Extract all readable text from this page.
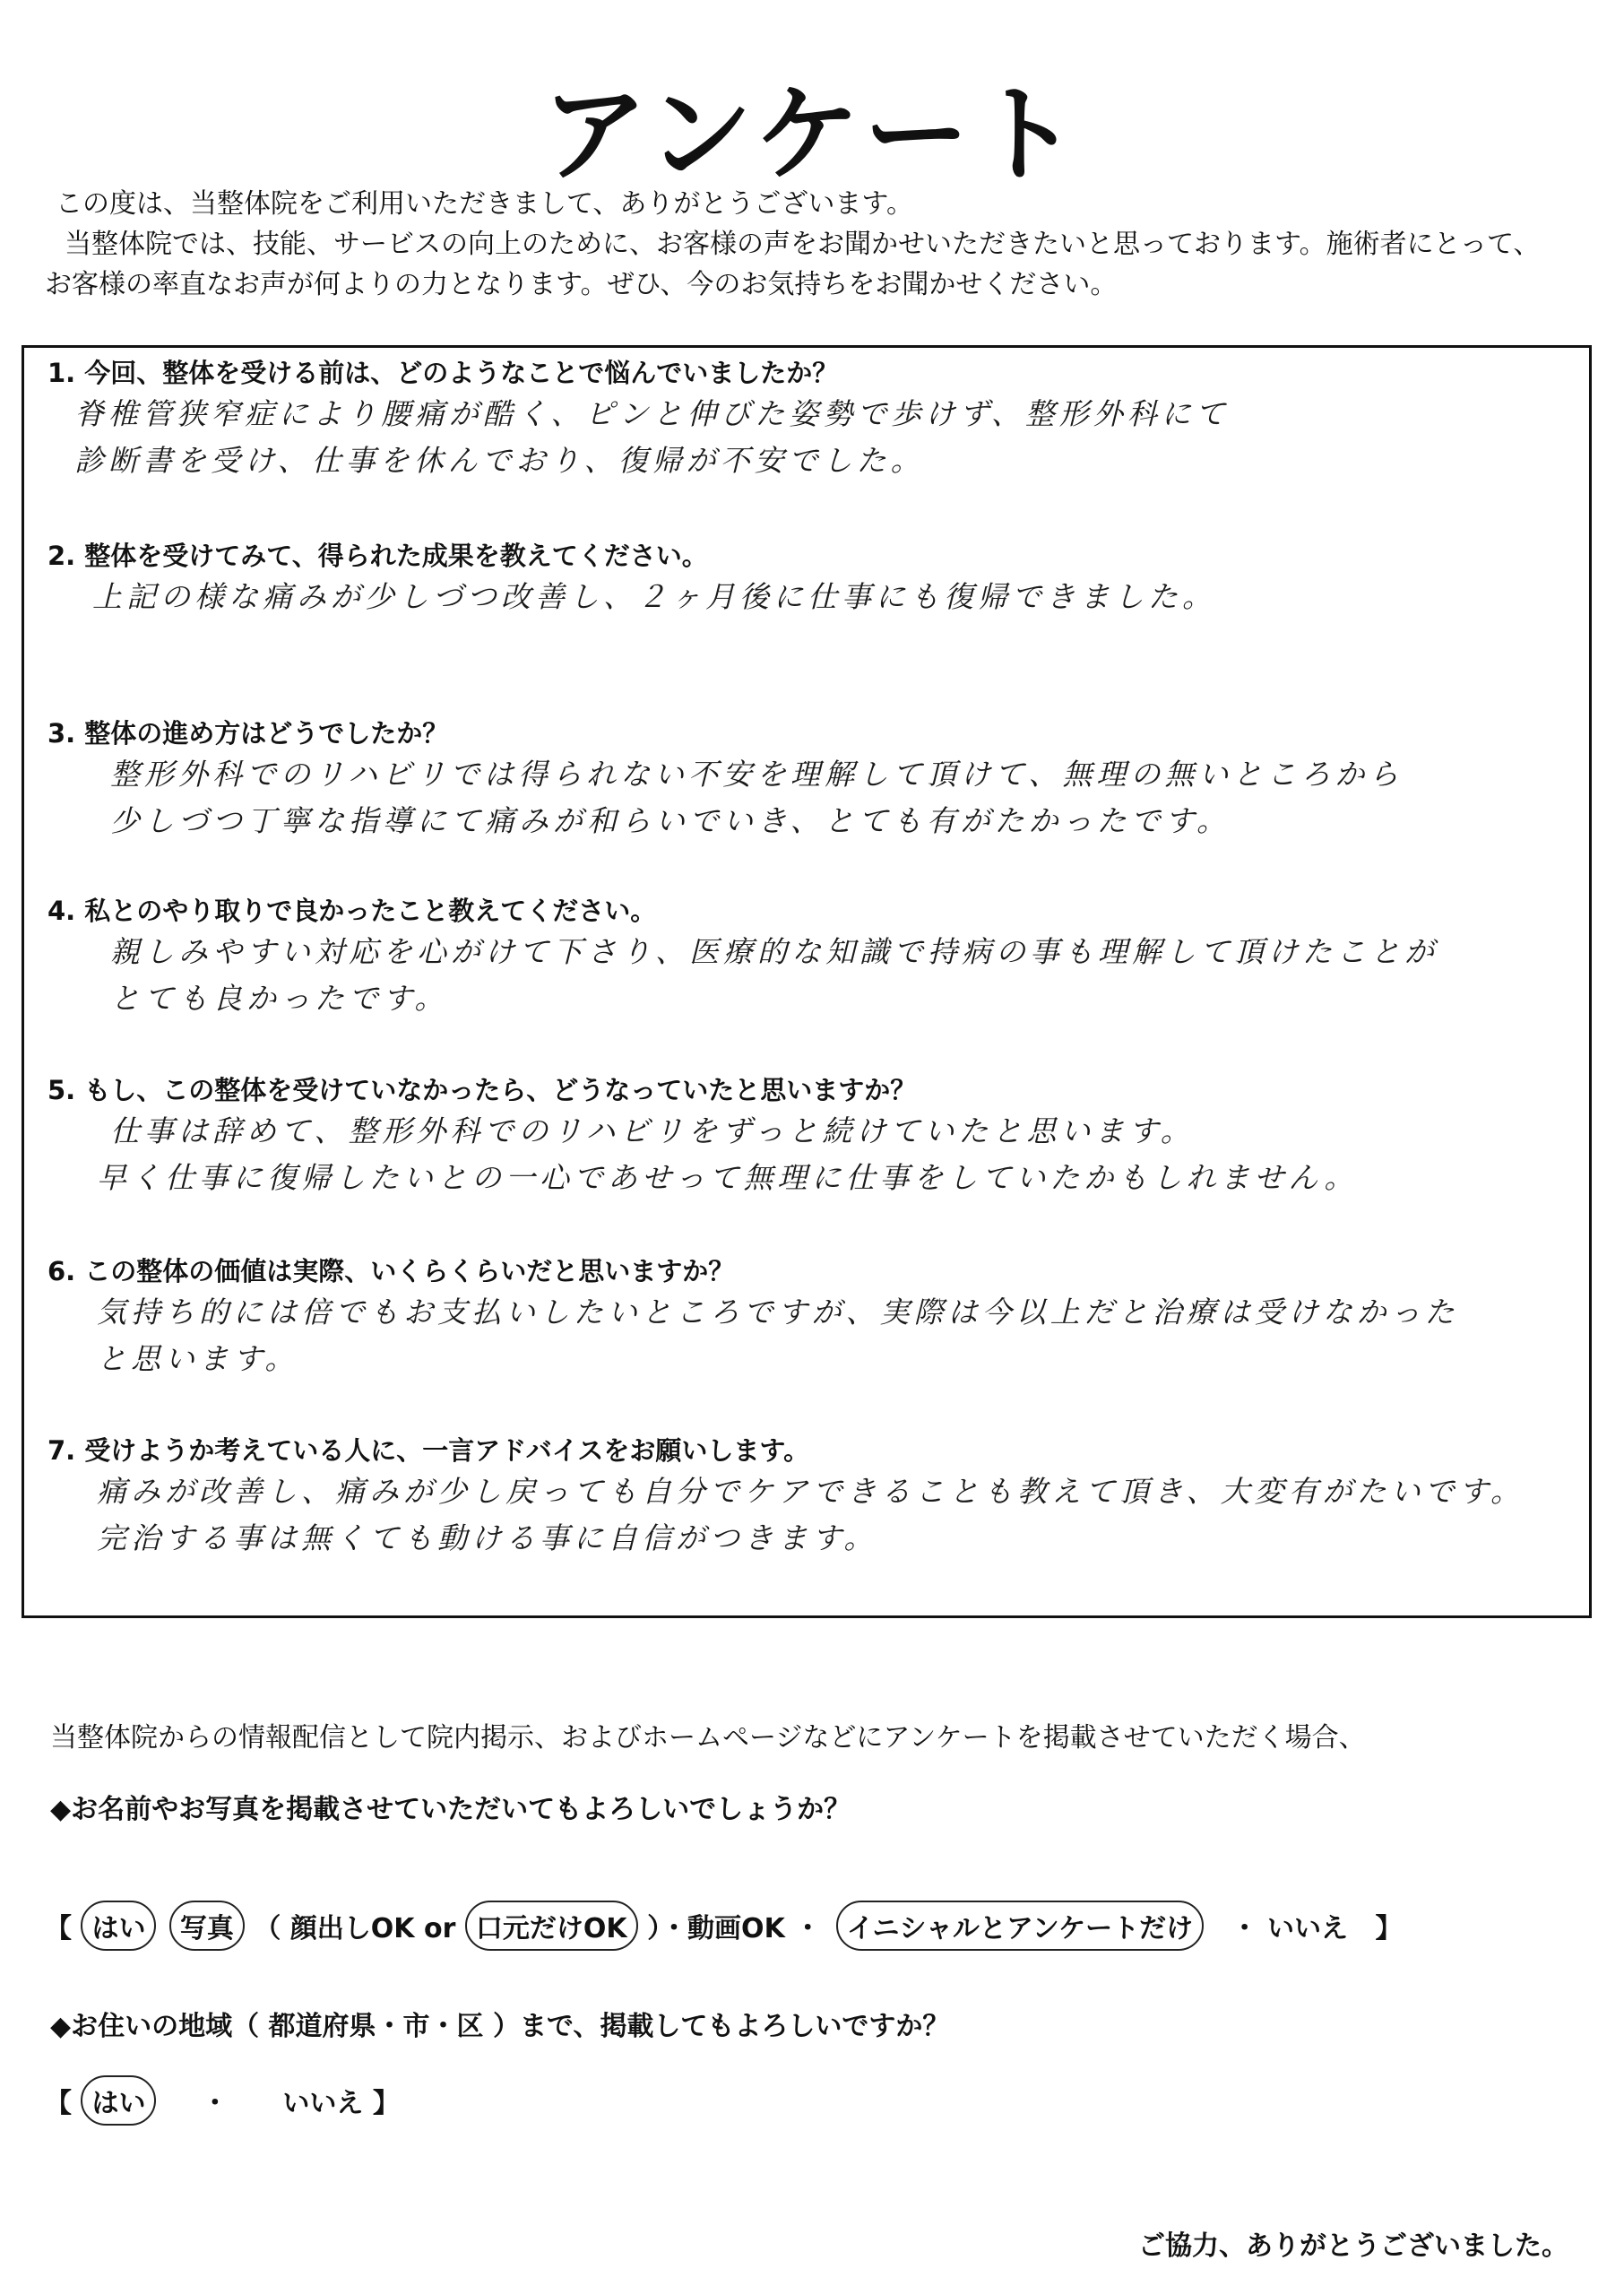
アンケート
この度は、当整体院をご利用いただきまして、ありがとうございます。
当整体院では、技能、サービスの向上のために、お客様の声をお聞かせいただきたいと思っております。施術者にとって、
お客様の率直なお声が何よりの力となります。ぜひ、今のお気持ちをお聞かせください。
1. 今回、整体を受ける前は、どのようなことで悩んでいましたか？
脊椎管狭窄症により腰痛が酷く、ピンと伸びた姿勢で歩けず、整形外科にて
診断書を受け、仕事を休んでおり、復帰が不安でした。
2. 整体を受けてみて、得られた成果を教えてください。
上記の様な痛みが少しづつ改善し、２ヶ月後に仕事にも復帰できました。
3. 整体の進め方はどうでしたか？
整形外科でのリハビリでは得られない不安を理解して頂けて、無理の無いところから
少しづつ丁寧な指導にて痛みが和らいでいき、とても有がたかったです。
4. 私とのやり取りで良かったこと教えてください。
親しみやすい対応を心がけて下さり、医療的な知識で持病の事も理解して頂けたことが
とても良かったです。
5. もし、この整体を受けていなかったら、どうなっていたと思いますか？
仕事は辞めて、整形外科でのリハビリをずっと続けていたと思います。
早く仕事に復帰したいとの一心であせって無理に仕事をしていたかもしれません。
6. この整体の価値は実際、いくらくらいだと思いますか？
気持ち的には倍でもお支払いしたいところですが、実際は今以上だと治療は受けなかった
と思います。
7. 受けようか考えている人に、一言アドバイスをお願いします。
痛みが改善し、痛みが少し戻っても自分でケアできることも教えて頂き、大変有がたいです。
完治する事は無くても動ける事に自信がつきます。
当整体院からの情報配信として院内掲示、およびホームページなどにアンケートを掲載させていただく場合、
◆お名前やお写真を掲載させていただいてもよろしいでしょうか？
【 はい 写真 （ 顔出しOK or 口元だけOK ）・動画OK ・ イニシャルとアンケートだけ ・ いいえ 】
◆お住いの地域（ 都道府県・市・区 ）まで、掲載してもよろしいですか？
【 はい ・ いいえ 】
ご協力、ありがとうございました。
